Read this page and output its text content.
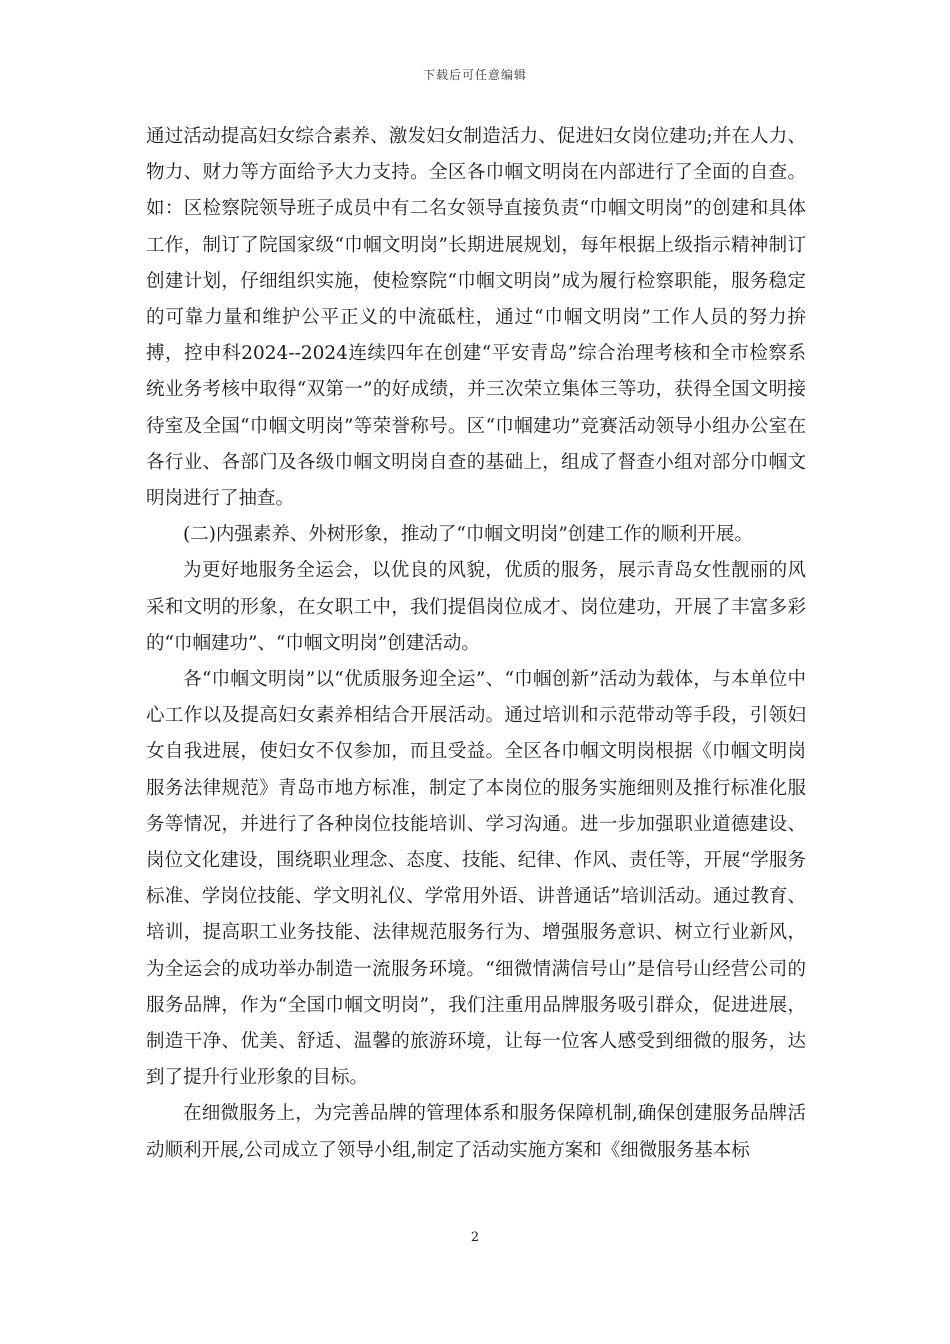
下载后可任意编辑

通过活动提高妇女综合素养、激发妇女制造活力、促进妇女岗位建功;并在人力、物力、财力等方面给予大力支持。全区各巾帼文明岗在内部进行了全面的自查。如：区检察院领导班子成员中有二名女领导直接负责“巾帼文明岗”的创建和具体工作，制订了院国家级“巾帼文明岗”长期进展规划，每年根据上级指示精神制订创建计划，仔细组织实施，使检察院“巾帼文明岗”成为履行检察职能，服务稳定的可靠力量和维护公平正义的中流砥柱，通过“巾帼文明岗”工作人员的努力拚搏，控申科2024--2024连续四年在创建“平安青岛”综合治理考核和全市检察系统业务考核中取得“双第一”的好成绩，并三次荣立集体三等功，获得全国文明接待室及全国“巾帼文明岗”等荣誉称号。区“巾帼建功”竞赛活动领导小组办公室在各行业、各部门及各级巾帼文明岗自查的基础上，组成了督查小组对部分巾帼文明岗进行了抽查。

(二)内强素养、外树形象，推动了“巾帼文明岗”创建工作的顺利开展。

为更好地服务全运会，以优良的风貌，优质的服务，展示青岛女性靓丽的风采和文明的形象，在女职工中，我们提倡岗位成才、岗位建功，开展了丰富多彩的“巾帼建功”、“巾帼文明岗”创建活动。

各“巾帼文明岗”以“优质服务迎全运”、“巾帼创新”活动为载体，与本单位中心工作以及提高妇女素养相结合开展活动。通过培训和示范带动等手段，引领妇女自我进展，使妇女不仅参加，而且受益。全区各巾帼文明岗根据《巾帼文明岗服务法律规范》青岛市地方标准，制定了本岗位的服务实施细则及推行标准化服务等情况，并进行了各种岗位技能培训、学习沟通。进一步加强职业道德建设、岗位文化建设，围绕职业理念、态度、技能、纪律、作风、责任等，开展“学服务标准、学岗位技能、学文明礼仪、学常用外语、讲普通话”培训活动。通过教育、培训，提高职工业务技能、法律规范服务行为、增强服务意识、树立行业新风，为全运会的成功举办制造一流服务环境。“细微情满信号山”是信号山经营公司的服务品牌，作为“全国巾帼文明岗”，我们注重用品牌服务吸引群众，促进进展，制造干净、优美、舒适、温馨的旅游环境，让每一位客人感受到细微的服务，达到了提升行业形象的目标。

在细微服务上，为完善品牌的管理体系和服务保障机制,确保创建服务品牌活动顺利开展,公司成立了领导小组,制定了活动实施方案和《细微服务基本标

2
